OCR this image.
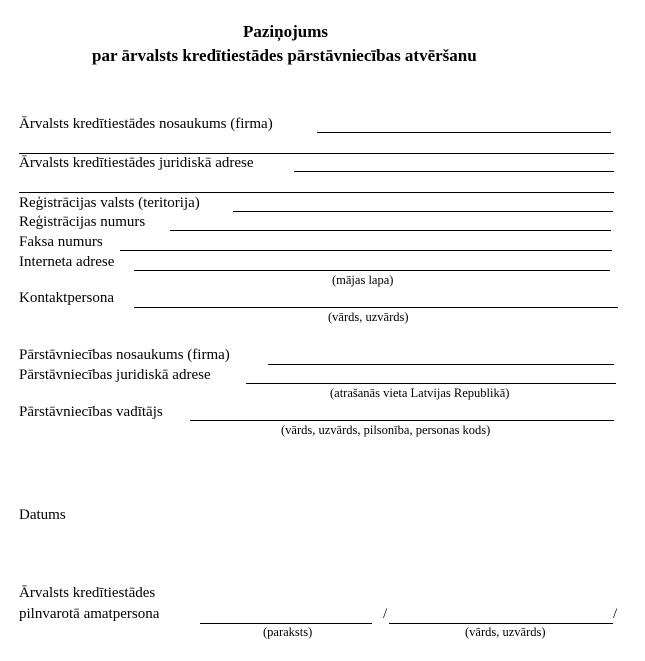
Paziņojums
par ārvalsts kredītiestādes pārstāvniecības atvēršanu
Ārvalsts kredītiestādes nosaukums (firma)
Ārvalsts kredītiestādes juridiskā adrese
Reģistrācijas valsts (teritorija)
Reģistrācijas numurs
Faksa numurs
Interneta adrese
(mājas lapa)
Kontaktpersona
(vārds, uzvārds)
Pārstāvniecības nosaukums (firma)
Pārstāvniecības juridiskā adrese
(atrašanās vieta Latvijas Republikā)
Pārstāvniecības vadītājs
(vārds, uzvārds, pilsonība, personas kods)
Datums
Ārvalsts kredītiestādes
pilnvarotā amatpersona	/	/
(paraksts)	(vārds, uzvārds)
